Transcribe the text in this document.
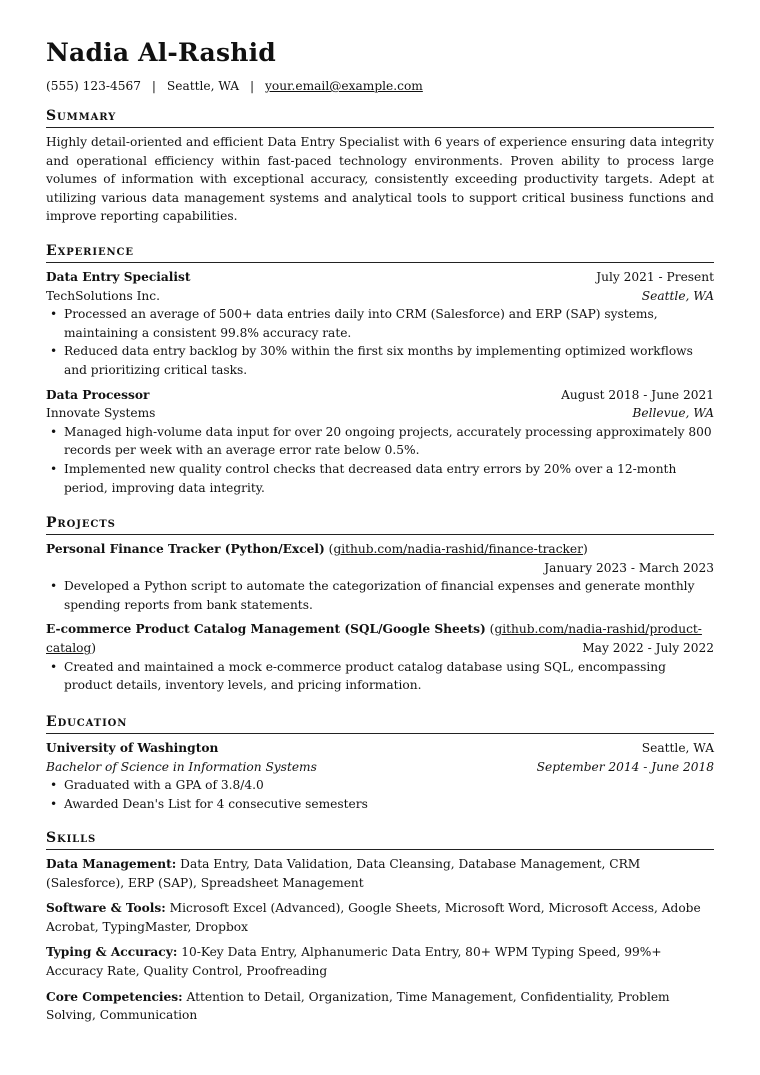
Nadia Al-Rashid
(555) 123-4567 | Seattle, WA | your.email@example.com
Summary
Highly detail-oriented and efficient Data Entry Specialist with 6 years of experience ensuring data integrity and operational efficiency within fast-paced technology environments. Proven ability to process large volumes of information with exceptional accuracy, consistently exceeding productivity targets. Adept at utilizing various data management systems and analytical tools to support critical business functions and improve reporting capabilities.
Experience
Data Entry Specialist	July 2021 - Present
TechSolutions Inc.	Seattle, WA
• Processed an average of 500+ data entries daily into CRM (Salesforce) and ERP (SAP) systems, maintaining a consistent 99.8% accuracy rate.
• Reduced data entry backlog by 30% within the first six months by implementing optimized workflows and prioritizing critical tasks.
Data Processor	August 2018 - June 2021
Innovate Systems	Bellevue, WA
• Managed high-volume data input for over 20 ongoing projects, accurately processing approximately 800 records per week with an average error rate below 0.5%.
• Implemented new quality control checks that decreased data entry errors by 20% over a 12-month period, improving data integrity.
Projects
Personal Finance Tracker (Python/Excel) (github.com/nadia-rashid/finance-tracker)
January 2023 - March 2023
• Developed a Python script to automate the categorization of financial expenses and generate monthly spending reports from bank statements.
E-commerce Product Catalog Management (SQL/Google Sheets) (github.com/nadia-rashid/product-catalog)	May 2022 - July 2022
• Created and maintained a mock e-commerce product catalog database using SQL, encompassing product details, inventory levels, and pricing information.
Education
University of Washington	Seattle, WA
Bachelor of Science in Information Systems	September 2014 - June 2018
• Graduated with a GPA of 3.8/4.0
• Awarded Dean's List for 4 consecutive semesters
Skills
Data Management: Data Entry, Data Validation, Data Cleansing, Database Management, CRM (Salesforce), ERP (SAP), Spreadsheet Management
Software & Tools: Microsoft Excel (Advanced), Google Sheets, Microsoft Word, Microsoft Access, Adobe Acrobat, TypingMaster, Dropbox
Typing & Accuracy: 10-Key Data Entry, Alphanumeric Data Entry, 80+ WPM Typing Speed, 99%+ Accuracy Rate, Quality Control, Proofreading
Core Competencies: Attention to Detail, Organization, Time Management, Confidentiality, Problem Solving, Communication
